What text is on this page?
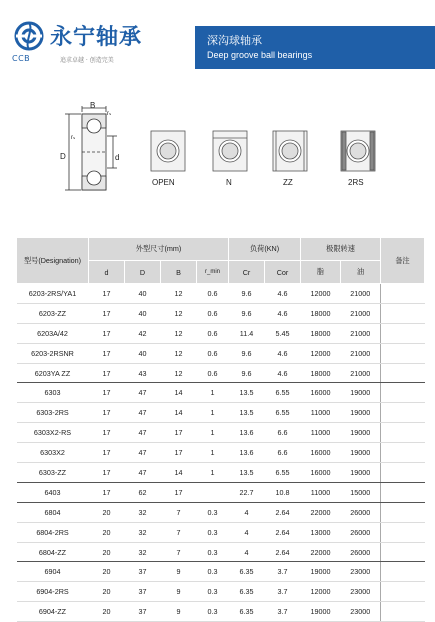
永宁轴承
CCB	追求卓越 · 创造完美
深沟球轴承
Deep groove ball bearings
B
rₛ
rₛ
D	d
OPEN	N	ZZ	2RS
型号(Designation)	外型尺寸(mm)				负荷(KN)		极限转速		备注
	d	D	B	r_min	Cr	Cor	脂	油	
6203-2RS/YA1	17	40	12	0.6	9.6	4.6	12000	21000	
6203-ZZ	17	40	12	0.6	9.6	4.6	18000	21000	
6203A/42	17	42	12	0.6	11.4	5.45	18000	21000	
6203-2RSNR	17	40	12	0.6	9.6	4.6	12000	21000	
6203YA ZZ	17	43	12	0.6	9.6	4.6	18000	21000	
6303	17	47	14	1	13.5	6.55	16000	19000	
6303-2RS	17	47	14	1	13.5	6.55	11000	19000	
6303X2-RS	17	47	17	1	13.6	6.6	11000	19000	
6303X2	17	47	17	1	13.6	6.6	16000	19000	
6303-ZZ	17	47	14	1	13.5	6.55	16000	19000	
6403	17	62	17		22.7	10.8	11000	15000	
6804	20	32	7	0.3	4	2.64	22000	26000	
6804-2RS	20	32	7	0.3	4	2.64	13000	26000	
6804-ZZ	20	32	7	0.3	4	2.64	22000	26000	
6904	20	37	9	0.3	6.35	3.7	19000	23000	
6904-2RS	20	37	9	0.3	6.35	3.7	12000	23000	
6904-ZZ	20	37	9	0.3	6.35	3.7	19000	23000	
